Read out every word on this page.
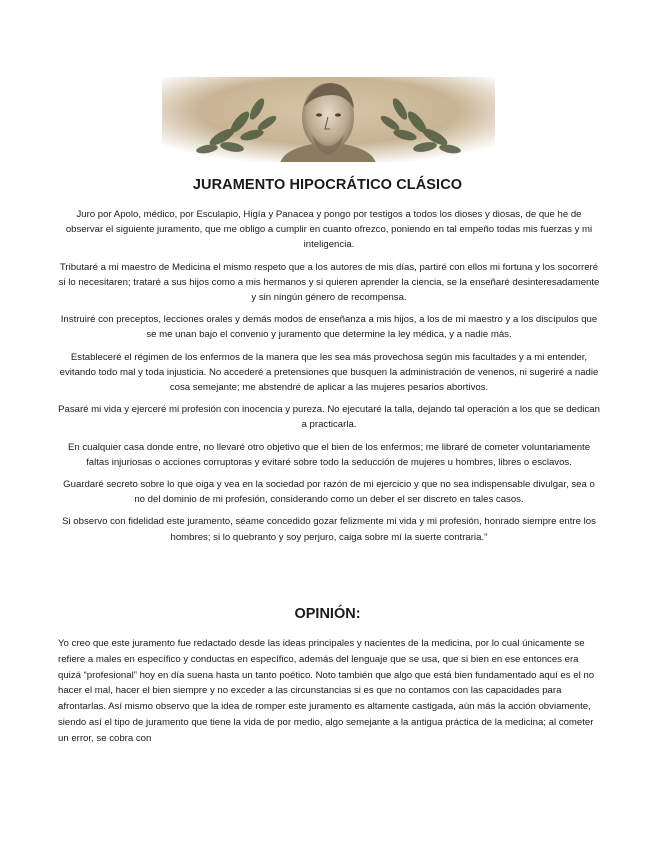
JURAMENTO HIPOCRÁTICO CLÁSICO

Juro por Apolo, médico, por Esculapio, Higía y Panacea y pongo por testigos a todos los dioses y diosas, de que he de observar el siguiente juramento, que me obligo a cumplir en cuanto ofrezco, poniendo en tal empeño todas mis fuerzas y mi inteligencia.

Tributaré a mi maestro de Medicina el mismo respeto que a los autores de mis días, partiré con ellos mi fortuna y los socorreré si lo necesitaren; trataré a sus hijos como a mis hermanos y si quieren aprender la ciencia, se la enseñaré desinteresadamente y sin ningún género de recompensa.

Instruiré con preceptos, lecciones orales y demás modos de enseñanza a mis hijos, a los de mi maestro y a los discípulos que se me unan bajo el convenio y juramento que determine la ley médica, y a nadie más.

Estableceré el régimen de los enfermos de la manera que les sea más provechosa según mis facultades y a mi entender, evitando todo mal y toda injusticia. No accederé a pretensiones que busquen la administración de venenos, ni sugeriré a nadie cosa semejante; me abstendré de aplicar a las mujeres pesarios abortivos.

Pasaré mi vida y ejerceré mi profesión con inocencia y pureza. No ejecutaré la talla, dejando tal operación a los que se dedican a practicarla.

En cualquier casa donde entre, no llevaré otro objetivo que el bien de los enfermos; me libraré de cometer voluntariamente faltas injuriosas o acciones corruptoras y evitaré sobre todo la seducción de mujeres u hombres, libres o esclavos.

Guardaré secreto sobre lo que oiga y vea en la sociedad por razón de mi ejercicio y que no sea indispensable divulgar, sea o no del dominio de mi profesión, considerando como un deber el ser discreto en tales casos.

Si observo con fidelidad este juramento, séame concedido gozar felizmente mi vida y mi profesión, honrado siempre entre los hombres; si lo quebranto y soy perjuro, caiga sobre mí la suerte contraria."

OPINIÓN:

Yo creo que este juramento fue redactado desde las ideas principales y nacientes de la medicina, por lo cual únicamente se refiere a males en específico y conductas en específico, además del lenguaje que se usa, que si bien en ese entonces era quizá “profesional” hoy en día suena hasta un tanto poético. Noto también que algo que está bien fundamentado aquí es el no hacer el mal, hacer el bien siempre y no exceder a las circunstancias si es que no contamos con las capacidades para afrontarlas. Así mismo observo que la idea de romper este juramento es altamente castigada, aún más la acción obviamente, siendo así el tipo de juramento que tiene la vida de por medio, algo semejante a la antigua práctica de la medicina; al cometer un error, se cobra con
